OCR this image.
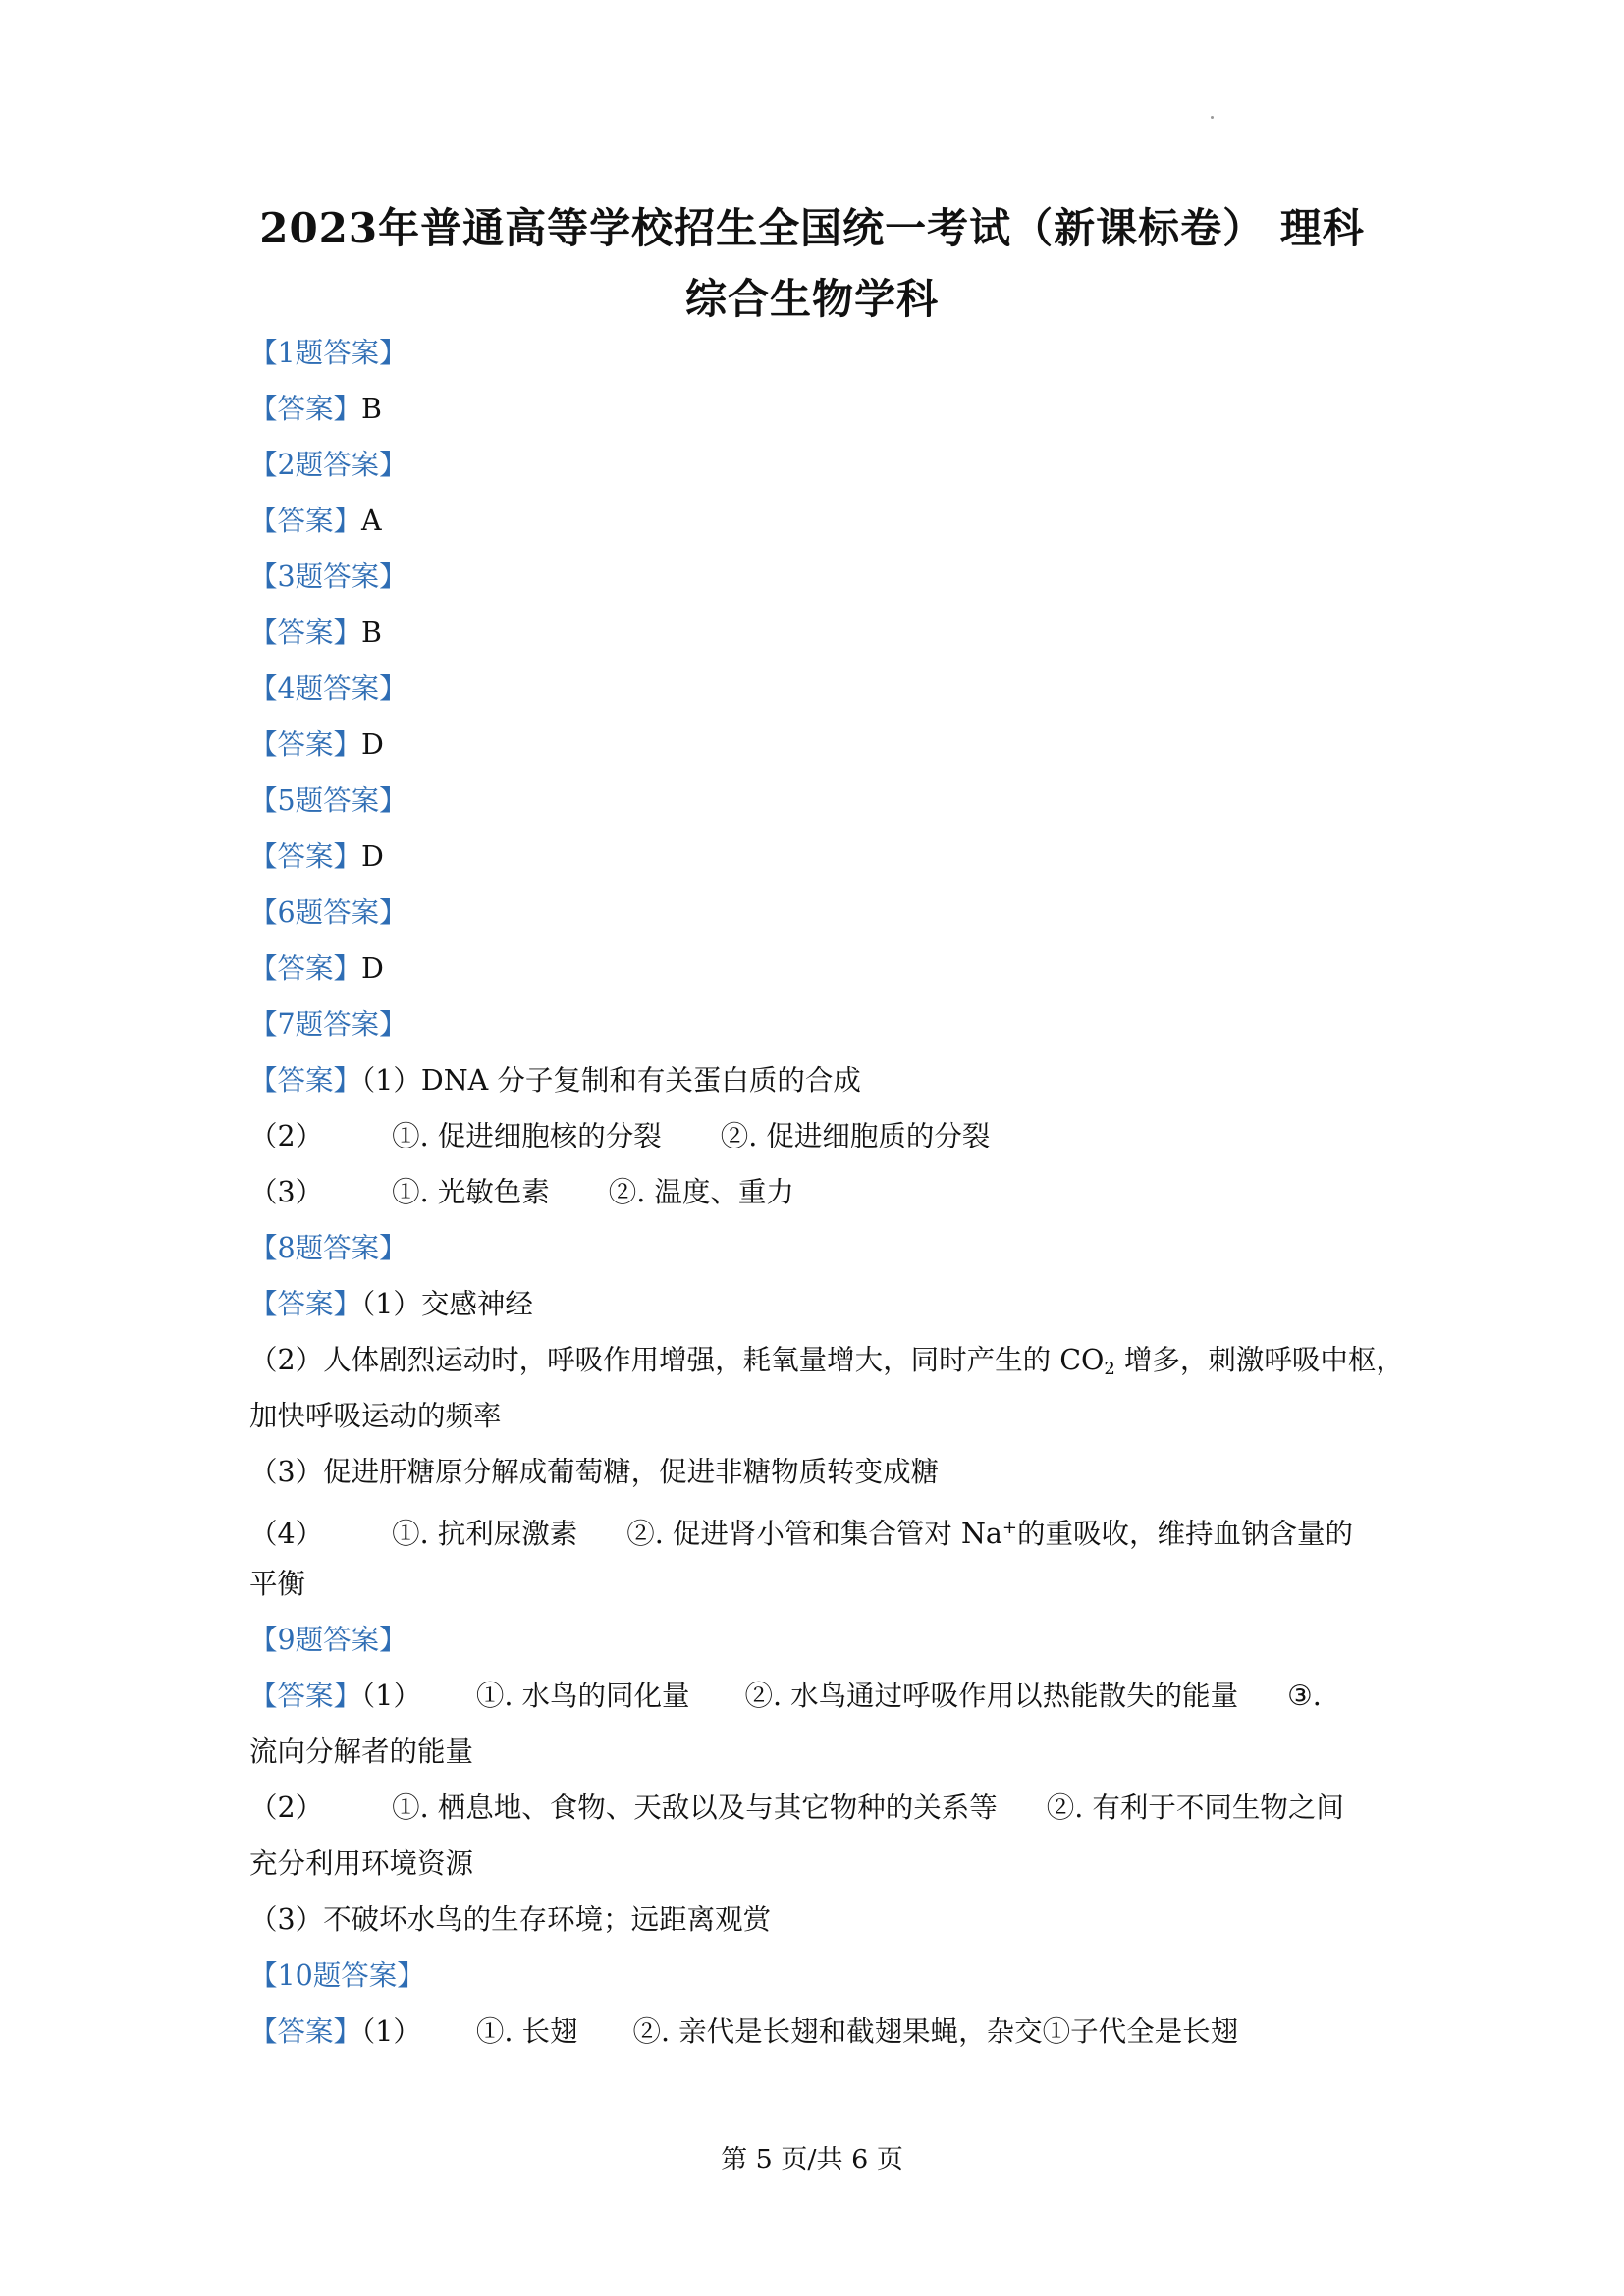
2023年普通高等学校招生全国统一考试（新课标卷） 理科
综合生物学科
【1题答案】
【答案】B
【2题答案】
【答案】A
【3题答案】
【答案】B
【4题答案】
【答案】D
【5题答案】
【答案】D
【6题答案】
【答案】D
【7题答案】
【答案】（1）DNA 分子复制和有关蛋白质的合成
（2） ①. 促进细胞核的分裂 ②. 促进细胞质的分裂
（3） ①. 光敏色素 ②. 温度、重力
【8题答案】
【答案】（1）交感神经
（2）人体剧烈运动时，呼吸作用增强，耗氧量增大，同时产生的 $CO_2$ 增多，刺激呼吸中枢，
加快呼吸运动的频率
（3）促进肝糖原分解成葡萄糖，促进非糖物质转变成糖
（4） ①. 抗利尿激素 ②. 促进肾小管和集合管对 Na+的重吸收，维持血钠含量的
平衡
【9题答案】
【答案】（1） ①. 水鸟的同化量 ②. 水鸟通过呼吸作用以热能散失的能量 ③.
流向分解者的能量
（2） ①. 栖息地、食物、天敌以及与其它物种的关系等 ②. 有利于不同生物之间
充分利用环境资源
（3）不破坏水鸟的生存环境；远距离观赏
【10题答案】
【答案】（1） ①. 长翅 ②. 亲代是长翅和截翅果蝇，杂交①子代全是长翅
第 5 页/共 6 页
